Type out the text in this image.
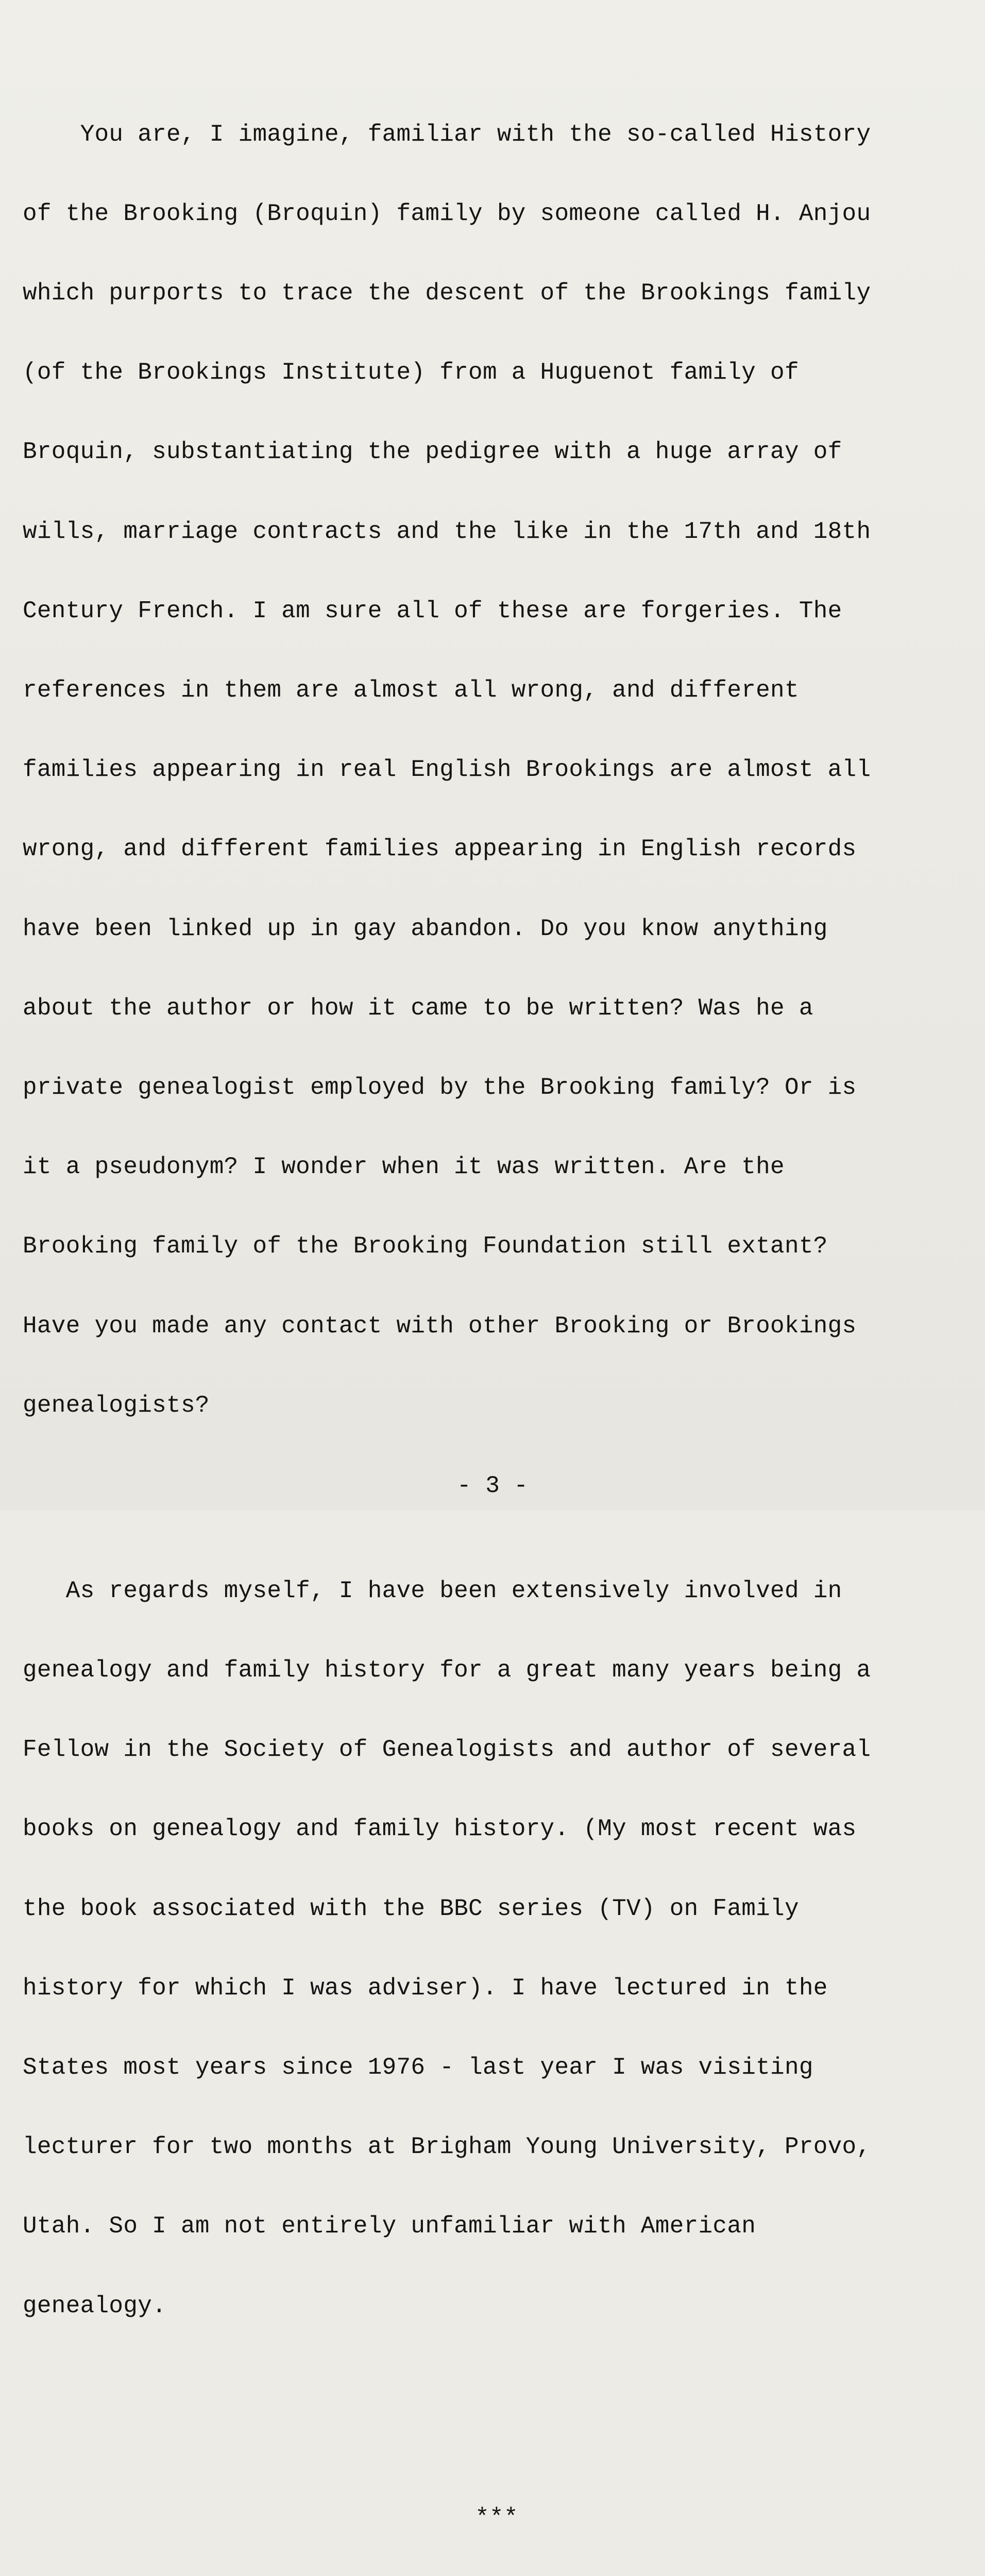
You are, I imagine, familiar with the so-called History

of the Brooking (Broquin) family by someone called H. Anjou

which purports to trace the descent of the Brookings family

(of the Brookings Institute) from a Huguenot family of

Broquin, substantiating the pedigree with a huge array of

wills, marriage contracts and the like in the 17th and 18th

Century French. I am sure all of these are forgeries. The

references in them are almost all wrong, and different

families appearing in real English Brookings are almost all

wrong, and different families appearing in English records

have been linked up in gay abandon. Do you know anything

about the author or how it came to be written? Was he a

private genealogist employed by the Brooking family? Or is

it a pseudonym? I wonder when it was written. Are the

Brooking family of the Brooking Foundation still extant?

Have you made any contact with other Brooking or Brookings

genealogists?

As regards myself, I have been extensively involved in

genealogy and family history for a great many years being a

Fellow in the Society of Genealogists and author of several

books on genealogy and family history. (My most recent was

the book associated with the BBC series (TV) on Family

history for which I was adviser). I have lectured in the

States most years since 1976 - last year I was visiting

lecturer for two months at Brigham Young University, Provo,

Utah. So I am not entirely unfamiliar with American

genealogy.

***

- 3 -
